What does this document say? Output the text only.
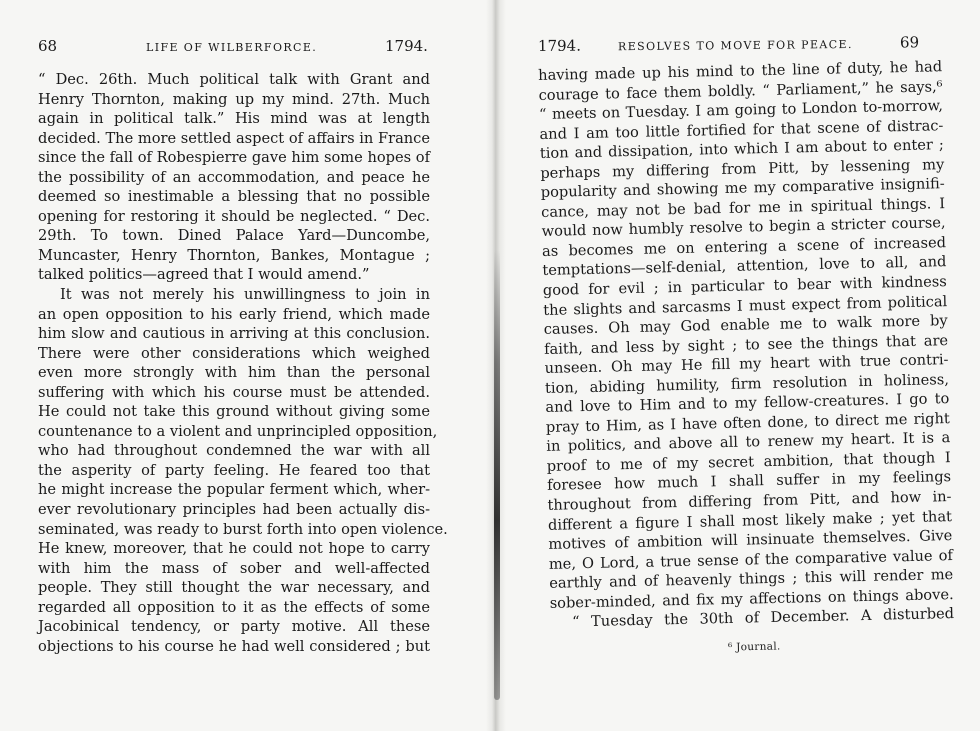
68	LIFE OF WILBERFORCE.	1794.
“ Dec. 26th. Much political talk with Grant and
Henry Thornton, making up my mind. 27th. Much
again in political talk.” His mind was at length
decided. The more settled aspect of affairs in France
since the fall of Robespierre gave him some hopes of
the possibility of an accommodation, and peace he
deemed so inestimable a blessing that no possible
opening for restoring it should be neglected. “ Dec.
29th. To town. Dined Palace Yard—Duncombe,
Muncaster, Henry Thornton, Bankes, Montague ;
talked politics—agreed that I would amend.”
It was not merely his unwillingness to join in
an open opposition to his early friend, which made
him slow and cautious in arriving at this conclusion.
There were other considerations which weighed
even more strongly with him than the personal
suffering with which his course must be attended.
He could not take this ground without giving some
countenance to a violent and unprincipled opposition,
who had throughout condemned the war with all
the asperity of party feeling. He feared too that
he might increase the popular ferment which, wher-
ever revolutionary principles had been actually dis-
seminated, was ready to burst forth into open violence.
He knew, moreover, that he could not hope to carry
with him the mass of sober and well-affected
people. They still thought the war necessary, and
regarded all opposition to it as the effects of some
Jacobinical tendency, or party motive. All these
objections to his course he had well considered ; but
1794.	RESOLVES TO MOVE FOR PEACE.	69
having made up his mind to the line of duty, he had
courage to face them boldly. “ Parliament,” he says,⁶
“ meets on Tuesday. I am going to London to-morrow,
and I am too little fortified for that scene of distrac-
tion and dissipation, into which I am about to enter ;
perhaps my differing from Pitt, by lessening my
popularity and showing me my comparative insignifi-
cance, may not be bad for me in spiritual things. I
would now humbly resolve to begin a stricter course,
as becomes me on entering a scene of increased
temptations—self-denial, attention, love to all, and
good for evil ; in particular to bear with kindness
the slights and sarcasms I must expect from political
causes. Oh may God enable me to walk more by
faith, and less by sight ; to see the things that are
unseen. Oh may He fill my heart with true contri-
tion, abiding humility, firm resolution in holiness,
and love to Him and to my fellow-creatures. I go to
pray to Him, as I have often done, to direct me right
in politics, and above all to renew my heart. It is a
proof to me of my secret ambition, that though I
foresee how much I shall suffer in my feelings
throughout from differing from Pitt, and how in-
different a figure I shall most likely make ; yet that
motives of ambition will insinuate themselves. Give
me, O Lord, a true sense of the comparative value of
earthly and of heavenly things ; this will render me
sober-minded, and fix my affections on things above.
“ Tuesday the 30th of December. A disturbed
⁶ Journal.
